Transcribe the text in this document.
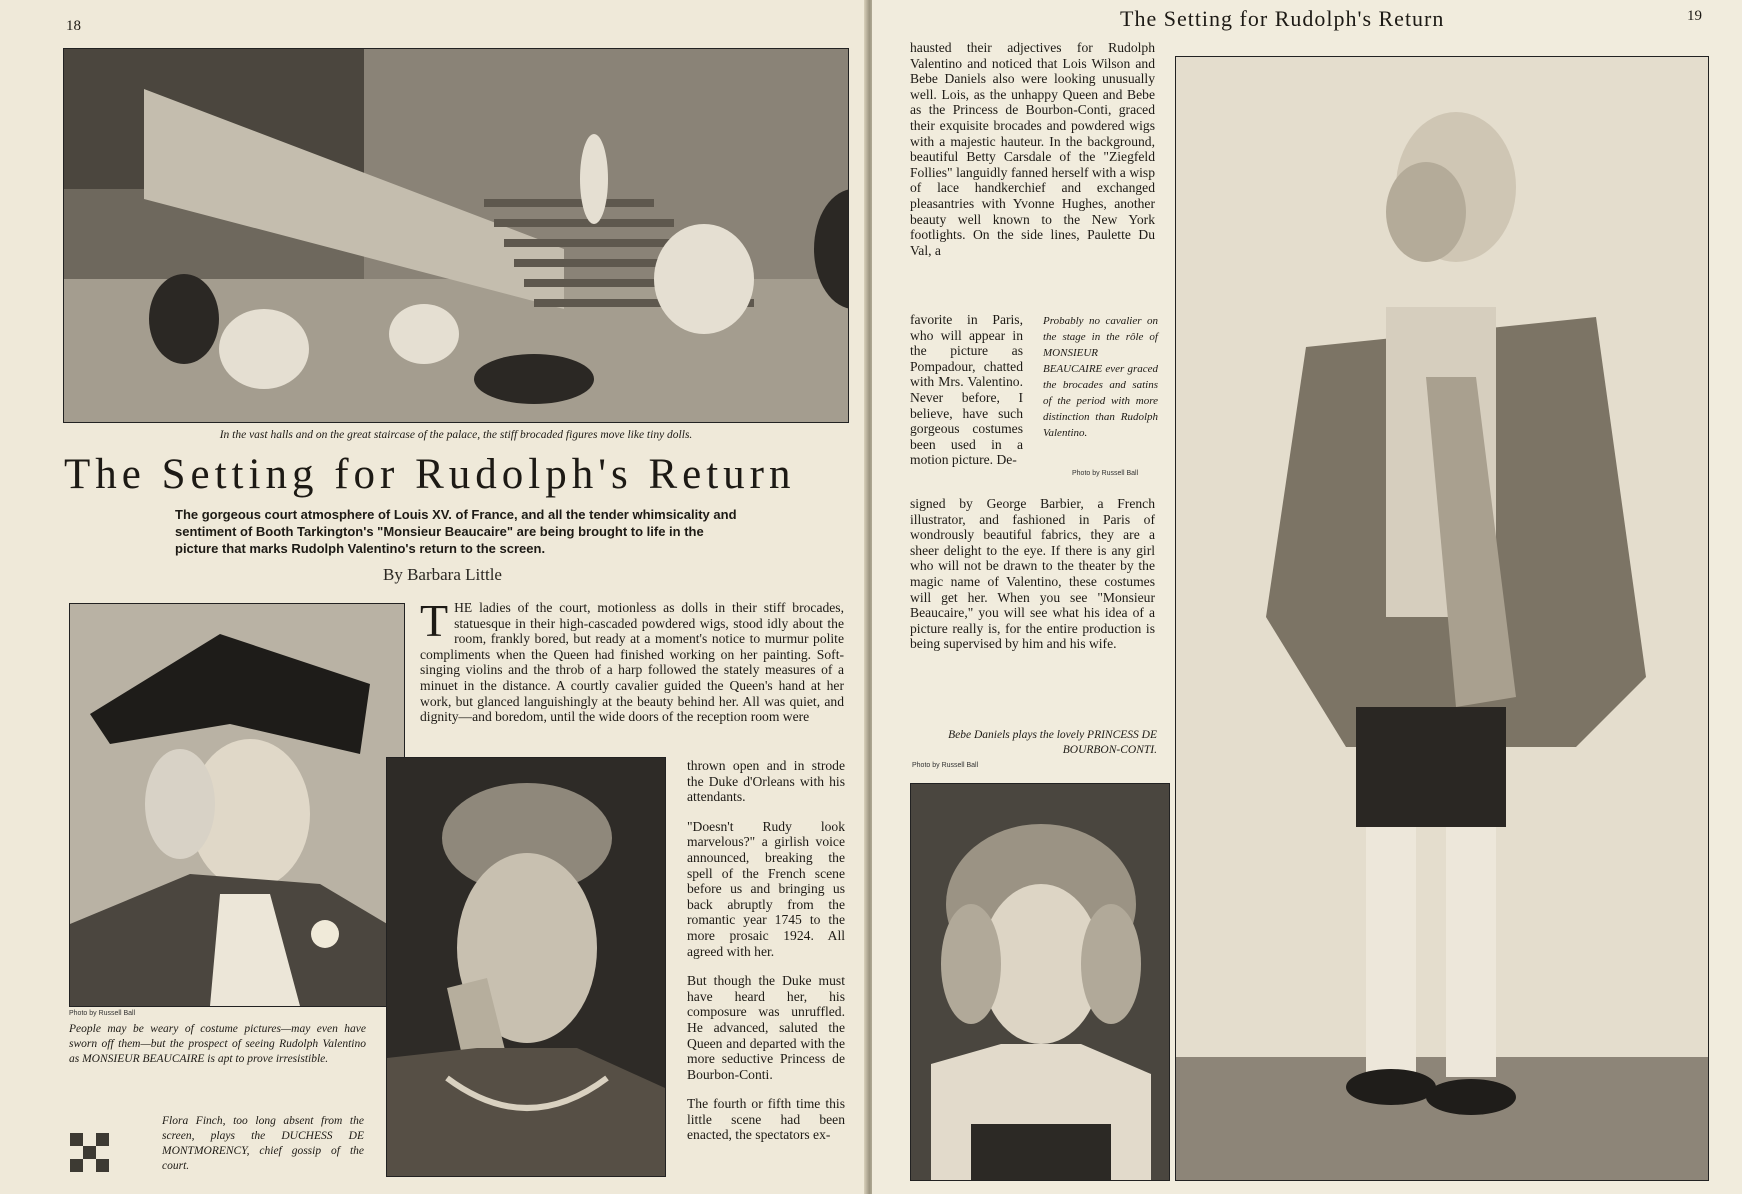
18
In the vast halls and on the great staircase of the palace, the stiff brocaded figures move like tiny dolls.
The Setting for Rudolph's Return
The gorgeous court atmosphere of Louis XV. of France, and all the tender whimsicality and sentiment of Booth Tarkington's "Monsieur Beaucaire" are being brought to life in the picture that marks Rudolph Valentino's return to the screen.
By Barbara Little
Photo by Russell Ball
People may be weary of costume pictures—may even have sworn off them—but the prospect of seeing Rudolph Valentino as MONSIEUR BEAUCAIRE is apt to prove irresistible.
Flora Finch, too long absent from the screen, plays the DUCHESS DE MONTMORENCY, chief gossip of the court.
T HE ladies of the court, motionless as dolls in their stiff brocades, statuesque in their high-cascaded powdered wigs, stood idly about the room, frankly bored, but ready at a moment's notice to murmur polite compliments when the Queen had finished working on her painting. Soft-singing violins and the throb of a harp followed the stately measures of a minuet in the distance. A courtly cavalier guided the Queen's hand at her work, but glanced languishingly at the beauty behind her. All was quiet, and dignity—and boredom, until the wide doors of the reception room were

thrown open and in strode the Duke d'Orleans with his attendants.

"Doesn't Rudy look marvelous?" a girlish voice announced, breaking the spell of the French scene before us and bringing us back abruptly from the romantic year 1745 to the more prosaic 1924. All agreed with her.

But though the Duke must have heard her, his composure was unruffled. He advanced, saluted the Queen and departed with the more seductive Princess de Bourbon-Conti.

The fourth or fifth time this little scene had been enacted, the spectators ex-

The Setting for Rudolph's Return	19
hausted their adjectives for Rudolph Valentino and noticed that Lois Wilson and Bebe Daniels also were looking unusually well. Lois, as the unhappy Queen and Bebe as the Princess de Bourbon-Conti, graced their exquisite brocades and powdered wigs with a majestic hauteur. In the background, beautiful Betty Carsdale of the "Ziegfeld Follies" languidly fanned herself with a wisp of lace handkerchief and exchanged pleasantries with Yvonne Hughes, another beauty well known to the New York footlights. On the side lines, Paulette Du Val, a
favorite in Paris, who will appear in the picture as Pompadour, chatted with Mrs. Valentino. Never before, I believe, have such gorgeous costumes been used in a motion picture. De-
Probably no cavalier on the stage in the rôle of MONSIEUR BEAUCAIRE ever graced the brocades and satins of the period with more distinction than Rudolph Valentino.
Photo by Russell Ball
signed by George Barbier, a French illustrator, and fashioned in Paris of wondrously beautiful fabrics, they are a sheer delight to the eye. If there is any girl who will not be drawn to the theater by the magic name of Valentino, these costumes will get her. When you see "Monsieur Beaucaire," you will see what his idea of a picture really is, for the entire production is being supervised by him and his wife.
Bebe Daniels plays the lovely PRINCESS DE BOURBON-CONTI.
Photo by Russell Ball
